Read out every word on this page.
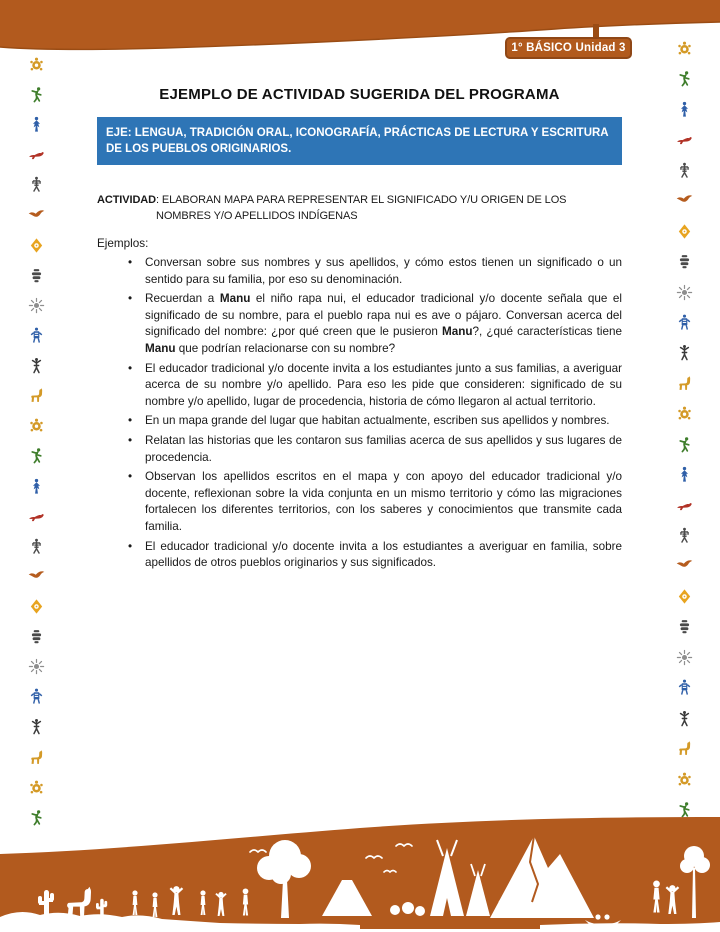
1° BÁSICO Unidad 3
EJEMPLO DE ACTIVIDAD SUGERIDA DEL PROGRAMA
EJE: LENGUA, TRADICIÓN ORAL, ICONOGRAFÍA, PRÁCTICAS DE LECTURA Y ESCRITURA DE LOS PUEBLOS ORIGINARIOS.

ACTIVIDAD : ELABORAN MAPA PARA REPRESENTAR EL SIGNIFICADO Y/U ORIGEN DE LOS NOMBRES Y/O APELLIDOS INDÍGENAS

Ejemplos:

• Conversan sobre sus nombres y sus apellidos, y cómo estos tienen un significado o un sentido para su familia, por eso su denominación.
• Recuerdan a Manu el niño rapa nui, el educador tradicional y/o docente señala que el significado de su nombre, para el pueblo rapa nui es ave o pájaro. Conversan acerca del significado del nombre: ¿por qué creen que le pusieron Manu?, ¿qué características tiene Manu que podrían relacionarse con su nombre?
• El educador tradicional y/o docente invita a los estudiantes junto a sus familias, a averiguar acerca de su nombre y/o apellido. Para eso les pide que consideren: significado de su nombre y/o apellido, lugar de procedencia, historia de cómo llegaron al actual territorio.
• En un mapa grande del lugar que habitan actualmente, escriben sus apellidos y nombres.
• Relatan las historias que les contaron sus familias acerca de sus apellidos y sus lugares de procedencia.
• Observan los apellidos escritos en el mapa y con apoyo del educador tradicional y/o docente, reflexionan sobre la vida conjunta en un mismo territorio y cómo las migraciones fortalecen los diferentes territorios, con los saberes y conocimientos que transmite cada familia.
• El educador tradicional y/o docente invita a los estudiantes a averiguar en familia, sobre apellidos de otros pueblos originarios y sus significados.
